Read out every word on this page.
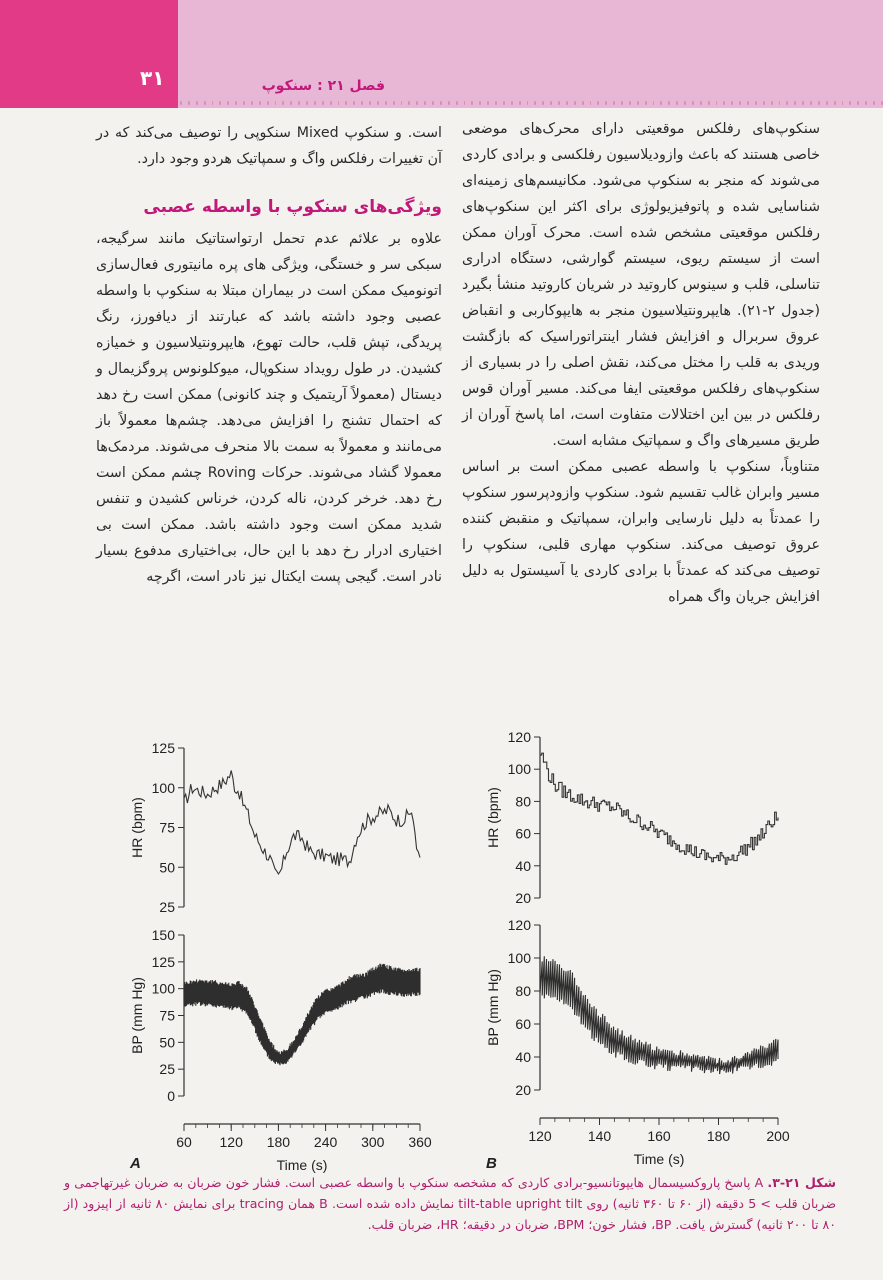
۳۱	فصل ۲۱ : سنکوپ

سنکوپ‌های رفلکس موقعیتی دارای محرک‌های موضعی خاصی هستند که باعث وازودیلاسیون رفلکسی و برادی کاردی می‌شوند که منجر به سنکوپ می‌شود. مکانیسم‌های زمینه‌ای شناسایی شده و پاتوفیزیولوژی برای اکثر این سنکوپ‌های رفلکس موقعیتی مشخص شده است. محرک آوران ممکن است از سیستم ریوی، سیستم گوارشی، دستگاه ادراری تناسلی، قلب و سینوس کاروتید در شریان کاروتید منشأ بگیرد (جدول ۲-۲۱). هایپرونتیلاسیون منجر به هایپوکاربی و انقباض عروق سربرال و افزایش فشار اینتراتوراسیک که بازگشت وریدی به قلب را مختل می‌کند، نقش اصلی را در بسیاری از سنکوپ‌های رفلکس موقعیتی ایفا می‌کند. مسیر آوران قوس رفلکس در بین این اختلالات متفاوت است، اما پاسخ آوران از طریق مسیرهای واگ و سمپاتیک مشابه است.

متناوباً، سنکوپ با واسطه عصبی ممکن است بر اساس مسیر وابران غالب تقسیم شود. سنکوپ وازودپرسور سنکوپ را عمدتاً به دلیل نارسایی وابران، سمپاتیک و منقبض کننده عروق توصیف می‌کند. سنکوپ مهاری قلبی، سنکوپ را توصیف می‌کند که عمدتاً با برادی کاردی یا آسیستول به دلیل افزایش جریان واگ همراه

است. و سنکوپ Mixed سنکوپی را توصیف می‌کند که در آن تغییرات رفلکس واگ و سمپاتیک هردو وجود دارد.

ویژگی‌های سنکوپ با واسطه عصبی

علاوه بر علائم عدم تحمل ارتواستاتیک مانند سرگیجه، سبکی سر و خستگی، ویژگی های پره مانیتوری فعال‌سازی اتونومیک ممکن است در بیماران مبتلا به سنکوپ با واسطه عصبی وجود داشته باشد که عبارتند از دیافورز، رنگ پریدگی، تپش قلب، حالت تهوع، هایپرونتیلاسیون و خمیازه کشیدن. در طول رویداد سنکوپال، میوکلونوس پروگزیمال و دیستال (معمولاً آریتمیک و چند کانونی) ممکن است رخ دهد که احتمال تشنج را افزایش می‌دهد. چشم‌ها معمولاً باز می‌مانند و معمولاً به سمت بالا منحرف می‌شوند. مردمک‌ها معمولا گشاد می‌شوند. حرکات Roving چشم ممکن است رخ دهد. خرخر کردن، ناله کردن، خرناس کشیدن و تنفس شدید ممکن است وجود داشته باشد. ممکن است بی اختیاری ادرار رخ دهد با این حال، بی‌اختیاری مدفوع بسیار نادر است. گیجی پست ایکتال نیز نادر است، اگرچه

25
50
75
100
125
HR (bpm)
0
25
50
75
100
125
150
BP (mm Hg)
60 120 180 240 300 360
Time (s)
20
40
60
80
100
120
HR (bpm)
20
40
60
80
100
120
BP (mm Hg)
120	140	160	180	200
Time (s)
A	B
شکل ۲۱-۳. A پاسخ پاروکسیسمال هایپوتانسیو-برادی کاردی که مشخصه سنکوپ با واسطه عصبی است. فشار خون ضربان به ضربان غیرتهاجمی و ضربان قلب > 5 دقیقه (از ۶۰ تا ۳۶۰ ثانیه) روی tilt-table upright tilt نمایش داده شده است. B همان tracing برای نمایش ۸۰ ثانیه از اپیزود (از ۸۰ تا ۲۰۰ ثانیه) گسترش یافت. BP، فشار خون؛ BPM، ضربان در دقیقه؛ HR، ضربان قلب.
